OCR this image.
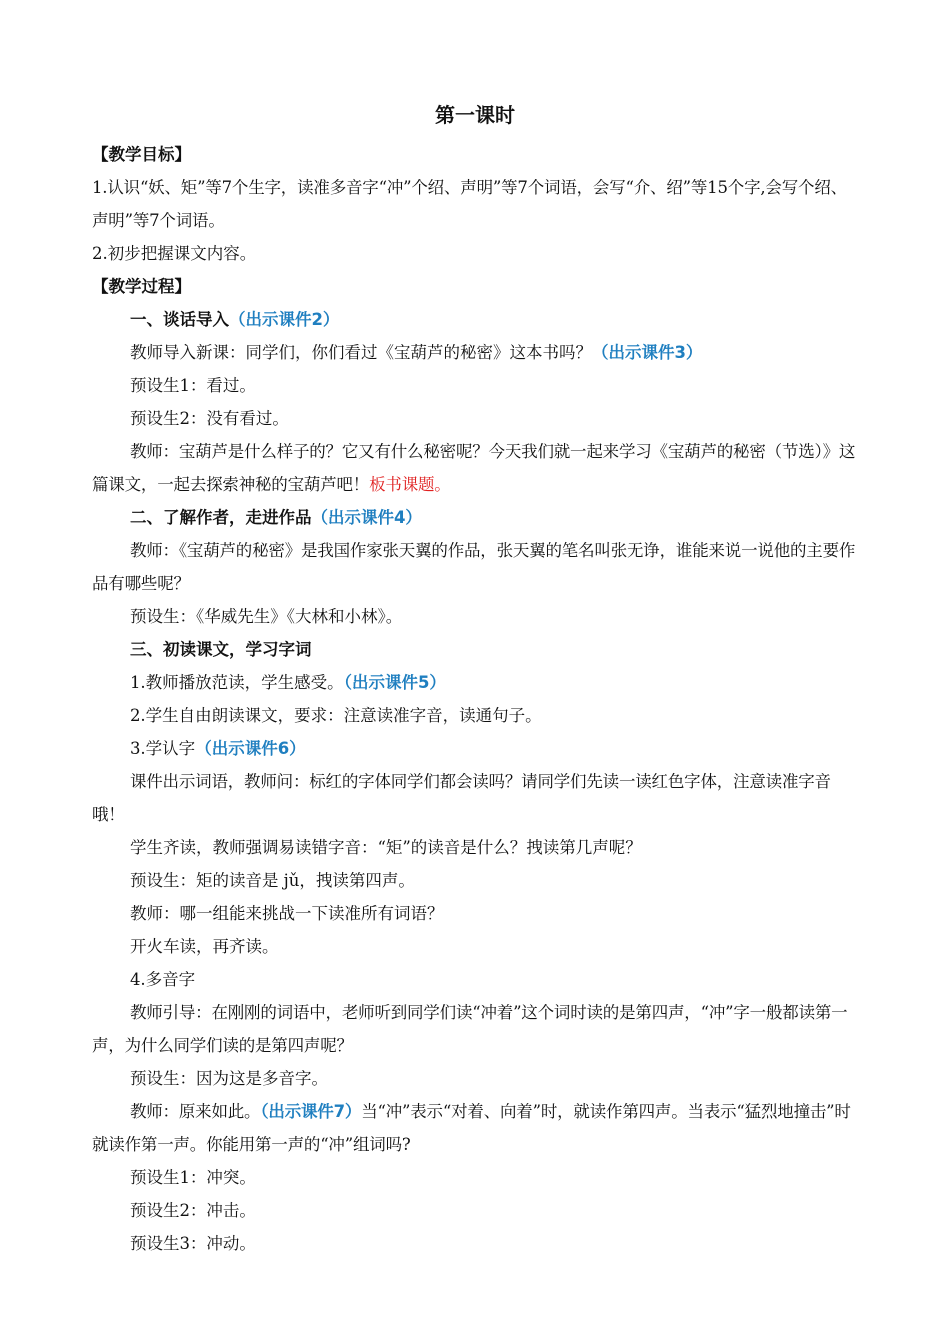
第一课时

【教学目标】

1.认识“妖、矩”等7个生字，读准多音字“冲”个绍、声明”等7个词语，会写“介、绍”等15个字,会写个绍、声明”等7个词语。

2.初步把握课文内容。

【教学过程】

一、谈话导入（出示课件2）

教师导入新课：同学们，你们看过《宝葫芦的秘密》这本书吗？（出示课件3）

预设生1：看过。

预设生2：没有看过。

教师：宝葫芦是什么样子的？它又有什么秘密呢？今天我们就一起来学习《宝葫芦的秘密（节选）》这篇课文，一起去探索神秘的宝葫芦吧！板书课题。

二、了解作者，走进作品（出示课件4）

教师：《宝葫芦的秘密》是我国作家张天翼的作品，张天翼的笔名叫张无诤，谁能来说一说他的主要作品有哪些呢？

预设生：《华威先生》《大林和小林》。

三、初读课文，学习字词

1.教师播放范读，学生感受。（出示课件5）

2.学生自由朗读课文，要求：注意读准字音，读通句子。

3.学认字（出示课件6）

课件出示词语，教师问：标红的字体同学们都会读吗？请同学们先读一读红色字体，注意读准字音哦！

学生齐读，教师强调易读错字音：“矩”的读音是什么？拽读第几声呢？

预设生：矩的读音是 jǔ，拽读第四声。

教师：哪一组能来挑战一下读准所有词语？

开火车读，再齐读。

4.多音字

教师引导：在刚刚的词语中，老师听到同学们读“冲着”这个词时读的是第四声，“冲”字一般都读第一声，为什么同学们读的是第四声呢？

预设生：因为这是多音字。

教师：原来如此。（出示课件7）当“冲”表示“对着、向着”时，就读作第四声。当表示“猛烈地撞击”时就读作第一声。你能用第一声的“冲”组词吗?

预设生1：冲突。

预设生2：冲击。

预设生3：冲动。
